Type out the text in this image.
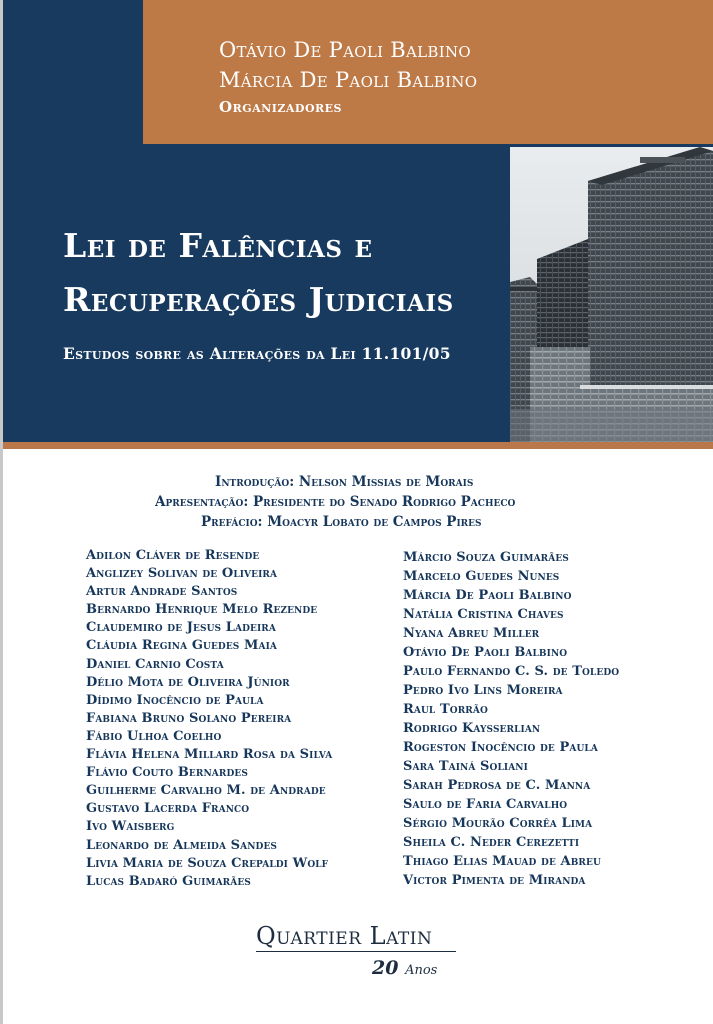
Otávio De Paoli Balbino
Márcia De Paoli Balbino
Organizadores
Lei de Falências e
Recuperações Judiciais
Estudos sobre as Alterações da Lei 11.101/05
Introdução: Nelson Missias de Morais
Apresentação: Presidente do Senado Rodrigo Pacheco
Prefácio: Moacyr Lobato de Campos Pires
Adilon Cláver de Resende
Anglizey Solivan de Oliveira
Artur Andrade Santos
Bernardo Henrique Melo Rezende
Claudemiro de Jesus Ladeira
Cláudia Regina Guedes Maia
Daniel Carnio Costa
Délio Mota de Oliveira Júnior
Dídimo Inocêncio de Paula
Fabiana Bruno Solano Pereira
Fábio Ulhoa Coelho
Flávia Helena Millard Rosa da Silva
Flávio Couto Bernardes
Guilherme Carvalho M. de Andrade
Gustavo Lacerda Franco
Ivo Waisberg
Leonardo de Almeida Sandes
Livia Maria de Souza Crepaldi Wolf
Lucas Badaró Guimarães
Márcio Souza Guimarães
Marcelo Guedes Nunes
Márcia De Paoli Balbino
Natália Cristina Chaves
Nyana Abreu Miller
Otávio De Paoli Balbino
Paulo Fernando C. S. de Toledo
Pedro Ivo Lins Moreira
Raul Torrão
Rodrigo Kaysserlian
Rogeston Inocêncio de Paula
Sara Tainá Soliani
Sarah Pedrosa de C. Manna
Saulo de Faria Carvalho
Sérgio Mourão Corrêa Lima
Sheila C. Neder Cerezetti
Thiago Elias Mauad de Abreu
Victor Pimenta de Miranda
Quartier Latin
20 Anos
